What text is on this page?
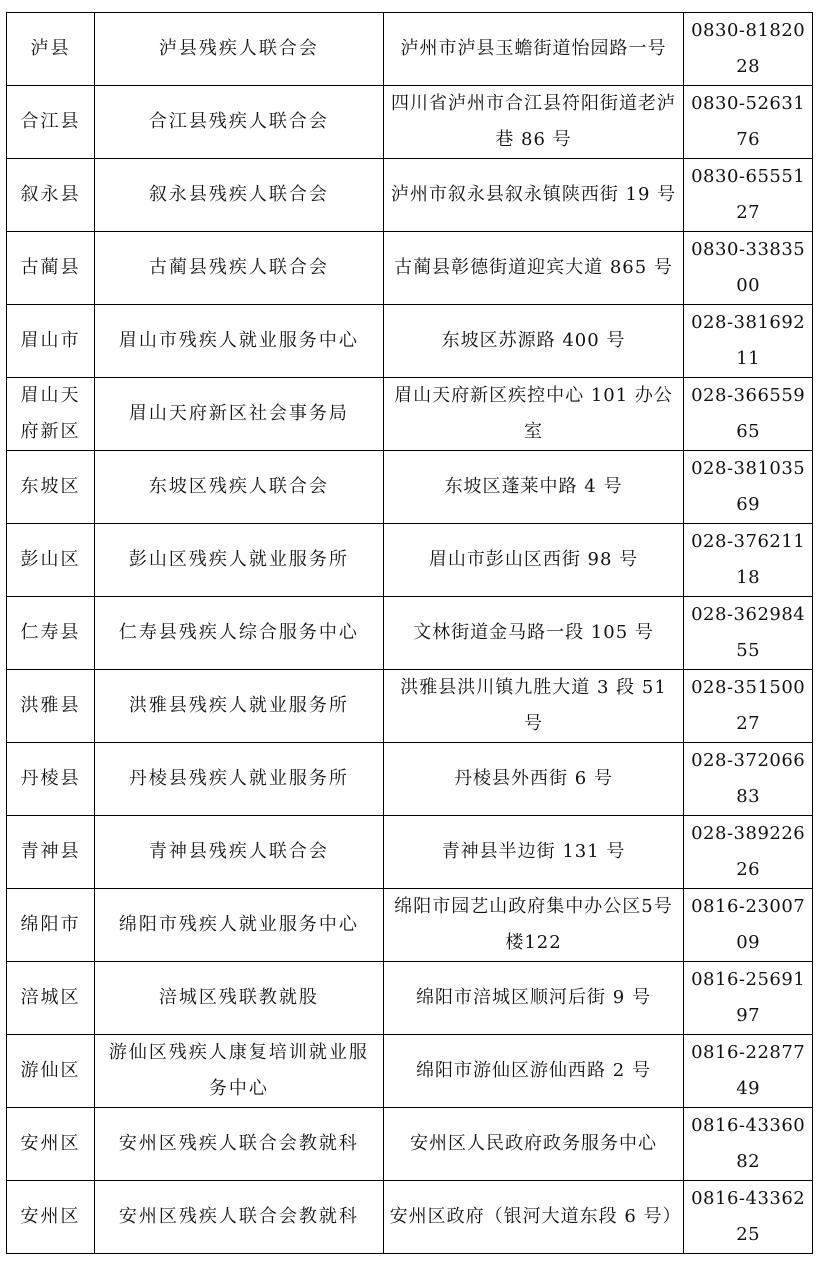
泸县	泸县残疾人联合会	泸州市泸县玉蟾街道怡园路一号	0830-8182028
合江县	合江县残疾人联合会	四川省泸州市合江县符阳街道老泸巷 86 号	0830-5263176
叙永县	叙永县残疾人联合会	泸州市叙永县叙永镇陕西街 19 号	0830-6555127
古蔺县	古蔺县残疾人联合会	古蔺县彰德街道迎宾大道 865 号	0830-3383500
眉山市	眉山市残疾人就业服务中心	东坡区苏源路 400 号	028-38169211
眉山天府新区	眉山天府新区社会事务局	眉山天府新区疾控中心 101 办公室	028-36655965
东坡区	东坡区残疾人联合会	东坡区蓬莱中路 4 号	028-38103569
彭山区	彭山区残疾人就业服务所	眉山市彭山区西街 98 号	028-37621118
仁寿县	仁寿县残疾人综合服务中心	文林街道金马路一段 105 号	028-36298455
洪雅县	洪雅县残疾人就业服务所	洪雅县洪川镇九胜大道 3 段 51 号	028-35150027
丹棱县	丹棱县残疾人就业服务所	丹棱县外西街 6 号	028-37206683
青神县	青神县残疾人联合会	青神县半边街 131 号	028-38922626
绵阳市	绵阳市残疾人就业服务中心	绵阳市园艺山政府集中办公区5号楼122	0816-2300709
涪城区	涪城区残联教就股	绵阳市涪城区顺河后街 9 号	0816-2569197
游仙区	游仙区残疾人康复培训就业服务中心	绵阳市游仙区游仙西路 2 号	0816-2287749
安州区	安州区残疾人联合会教就科	安州区人民政府政务服务中心	0816-4336082
安州区	安州区残疾人联合会教就科	安州区政府（银河大道东段 6 号）	0816-4336225
